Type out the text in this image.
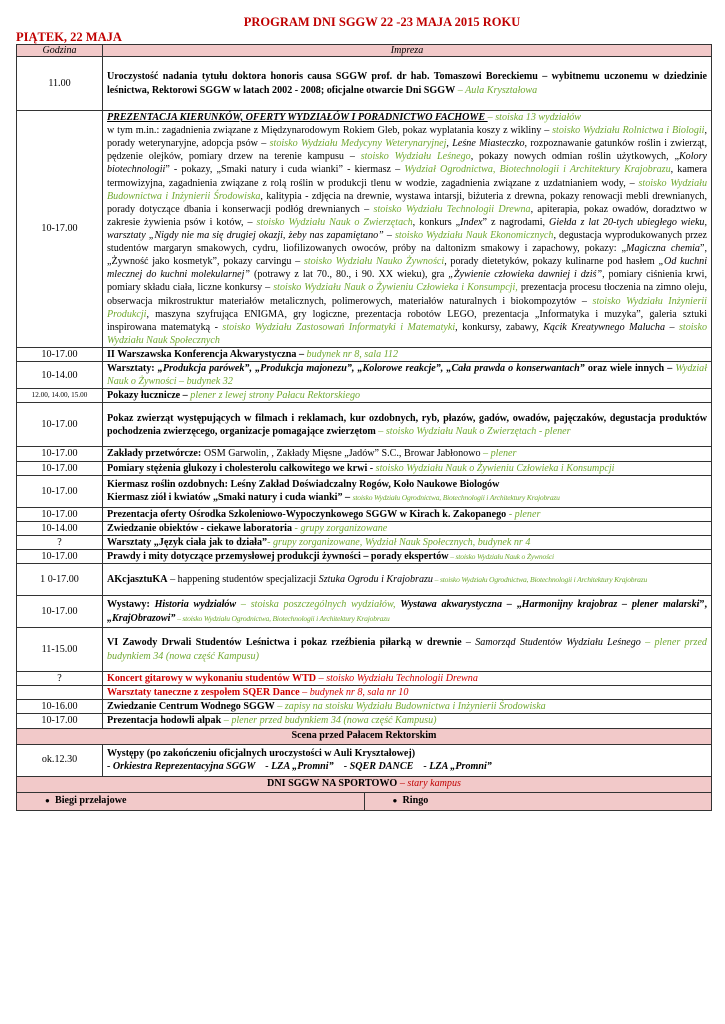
PROGRAM DNI SGGW 22 -23 MAJA 2015 ROKU
PIĄTEK, 22 MAJA
Godzina	Impreza
11.00	Uroczystość nadania tytułu doktora honoris causa SGGW prof. dr hab. Tomaszowi Boreckiemu – wybitnemu uczonemu w dziedzinie leśnictwa, Rektorowi SGGW w latach 2002 - 2008; oficjalne otwarcie Dni SGGW – Aula Kryształowa
10-17.00	PREZENTACJA KIERUNKÓW, OFERTY WYDZIAŁÓW I PORADNICTWO FACHOWE – stoiska 13 wydziałów
w tym m.in.: zagadnienia związane z Międzynarodowym Rokiem Gleb, pokaz wyplatania koszy z wikliny – stoisko Wydziału Rolnictwa i Biologii, porady weterynaryjne, adopcja psów – stoisko Wydziału Medycyny Weterynaryjnej, Leśne Miasteczko, rozpoznawanie gatunków roślin i zwierząt, pędzenie olejków, pomiary drzew na terenie kampusu – stoisko Wydziału Leśnego, pokazy nowych odmian roślin użytkowych, „Kolory biotechnologii” - pokazy, „Smaki natury i cuda wianki” - kiermasz – Wydział Ogrodnictwa, Biotechnologii i Architektury Krajobrazu, kamera termowizyjna, zagadnienia związane z rolą roślin w produkcji tlenu w wodzie, zagadnienia związane z uzdatnianiem wody, – stoisko Wydziału Budownictwa i Inżynierii Środowiska, kalitypia - zdjęcia na drewnie, wystawa intarsji, biżuteria z drewna, pokazy renowacji mebli drewnianych, porady dotyczące dbania i konserwacji podłóg drewnianych – stoisko Wydziału Technologii Drewna, apiterapia, pokaz owadów, doradztwo w zakresie żywienia psów i kotów, – stoisko Wydziału Nauk o Zwierzętach, konkurs „Index” z nagrodami, Giełda z lat 20-tych ubiegłego wieku, warsztaty „Nigdy nie ma się drugiej okazji, żeby nas zapamiętano” – stoisko Wydziału Nauk Ekonomicznych, degustacja wyprodukowanych przez studentów margaryn smakowych, cydru, liofilizowanych owoców, próby na daltonizm smakowy i zapachowy, pokazy: „Magiczna chemia”, „Żywność jako kosmetyk”, pokazy carvingu – stoisko Wydziału Nauko Żywności, porady dietetyków, pokazy kulinarne pod hasłem „Od kuchni mlecznej do kuchni molekularnej” (potrawy z lat 70., 80., i 90. XX wieku), gra „Żywienie człowieka dawniej i dziś”, pomiary ciśnienia krwi, pomiary składu ciała, liczne konkursy – stoisko Wydziału Nauk o Żywieniu Człowieka i Konsumpcji, prezentacja procesu tłoczenia na zimno oleju, obserwacja mikrostruktur materiałów metalicznych, polimerowych, materiałów naturalnych i biokompozytów – stoisko Wydziału Inżynierii Produkcji, maszyna szyfrująca ENIGMA, gry logiczne, prezentacja robotów LEGO, prezentacja „Informatyka i muzyka”, galeria sztuki inspirowana matematyką - stoisko Wydziału Zastosowań Informatyki i Matematyki, konkursy, zabawy, Kącik Kreatywnego Malucha – stoisko Wydziału Nauk Społecznych
10-17.00	II Warszawska Konferencja Akwarystyczna – budynek nr 8, sala 112
10-14.00	Warsztaty: „Produkcja parówek”, „Produkcja majonezu”, „Kolorowe reakcje”, „Cała prawda o konserwantach” oraz wiele innych – Wydział Nauk o Żywności – budynek 32
12.00, 14.00, 15.00	Pokazy łucznicze – plener z lewej strony Pałacu Rektorskiego
10-17.00	Pokaz zwierząt występujących w filmach i reklamach, kur ozdobnych, ryb, płazów, gadów, owadów, pajęczaków, degustacja produktów pochodzenia zwierzęcego, organizacje pomagające zwierzętom – stoisko Wydziału Nauk o Zwierzętach - plener
10-17.00	Zakłady przetwórcze: OSM Garwolin, , Zakłady Mięsne „Jadów” S.C., Browar Jabłonowo – plener
10-17.00	Pomiary stężenia glukozy i cholesterolu całkowitego we krwi - stoisko Wydziału Nauk o Żywieniu Człowieka i Konsumpcji
10-17.00	Kiermasz roślin ozdobnych: Leśny Zakład Doświadczalny Rogów, Koło Naukowe Biologów
Kiermasz ziół i kwiatów „Smaki natury i cuda wianki” – stoisko Wydziału Ogrodnictwa, Biotechnologii i Architektury Krajobrazu
10-17.00	Prezentacja oferty Ośrodka Szkoleniowo-Wypoczynkowego SGGW w Kirach k. Zakopanego - plener
10-14.00	Zwiedzanie obiektów - ciekawe laboratoria - grupy zorganizowane
?	Warsztaty „Język ciała jak to działa”- grupy zorganizowane, Wydział Nauk Społecznych, budynek nr 4
10-17.00	Prawdy i mity dotyczące przemysłowej produkcji żywności – porady ekspertów – stoisko Wydziału Nauk o Żywności
1 0-17.00	AKcjasztuKA – happening studentów specjalizacji Sztuka Ogrodu i Krajobrazu – stoisko Wydziału Ogrodnictwa, Biotechnologii i Architektury Krajobrazu
10-17.00	Wystawy: Historia wydziałów – stoiska poszczególnych wydziałów, Wystawa akwarystyczna – „Harmonijny krajobraz – plener malarski”, „KrajObrazowi” – stoisko Wydziału Ogrodnictwa, Biotechnologii i Architektury Krajobrazu
11-15.00	VI Zawody Drwali Studentów Leśnictwa i pokaz rzeźbienia piłarką w drewnie – Samorząd Studentów Wydziału Leśnego – plener przed budynkiem 34 (nowa część Kampusu)
?	Koncert gitarowy w wykonaniu studentów WTD – stoisko Wydziału Technologii Drewna
	Warsztaty taneczne z zespołem SQER Dance – budynek nr 8, sala nr 10
10-16.00	Zwiedzanie Centrum Wodnego SGGW – zapisy na stoisku Wydziału Budownictwa i Inżynierii Środowiska
10-17.00	Prezentacja hodowli alpak – plener przed budynkiem 34 (nowa część Kampusu)
Scena przed Pałacem Rektorskim
ok.12.30	Występy (po zakończeniu oficjalnych uroczystości w Auli Kryształowej)
- Orkiestra Reprezentacyjna SGGW    - LZA „Promni”    - SQER DANCE    - LZA „Promni”
DNI SGGW NA SPORTOWO – stary kampus

● Biegi przełajowe	● Ringo
